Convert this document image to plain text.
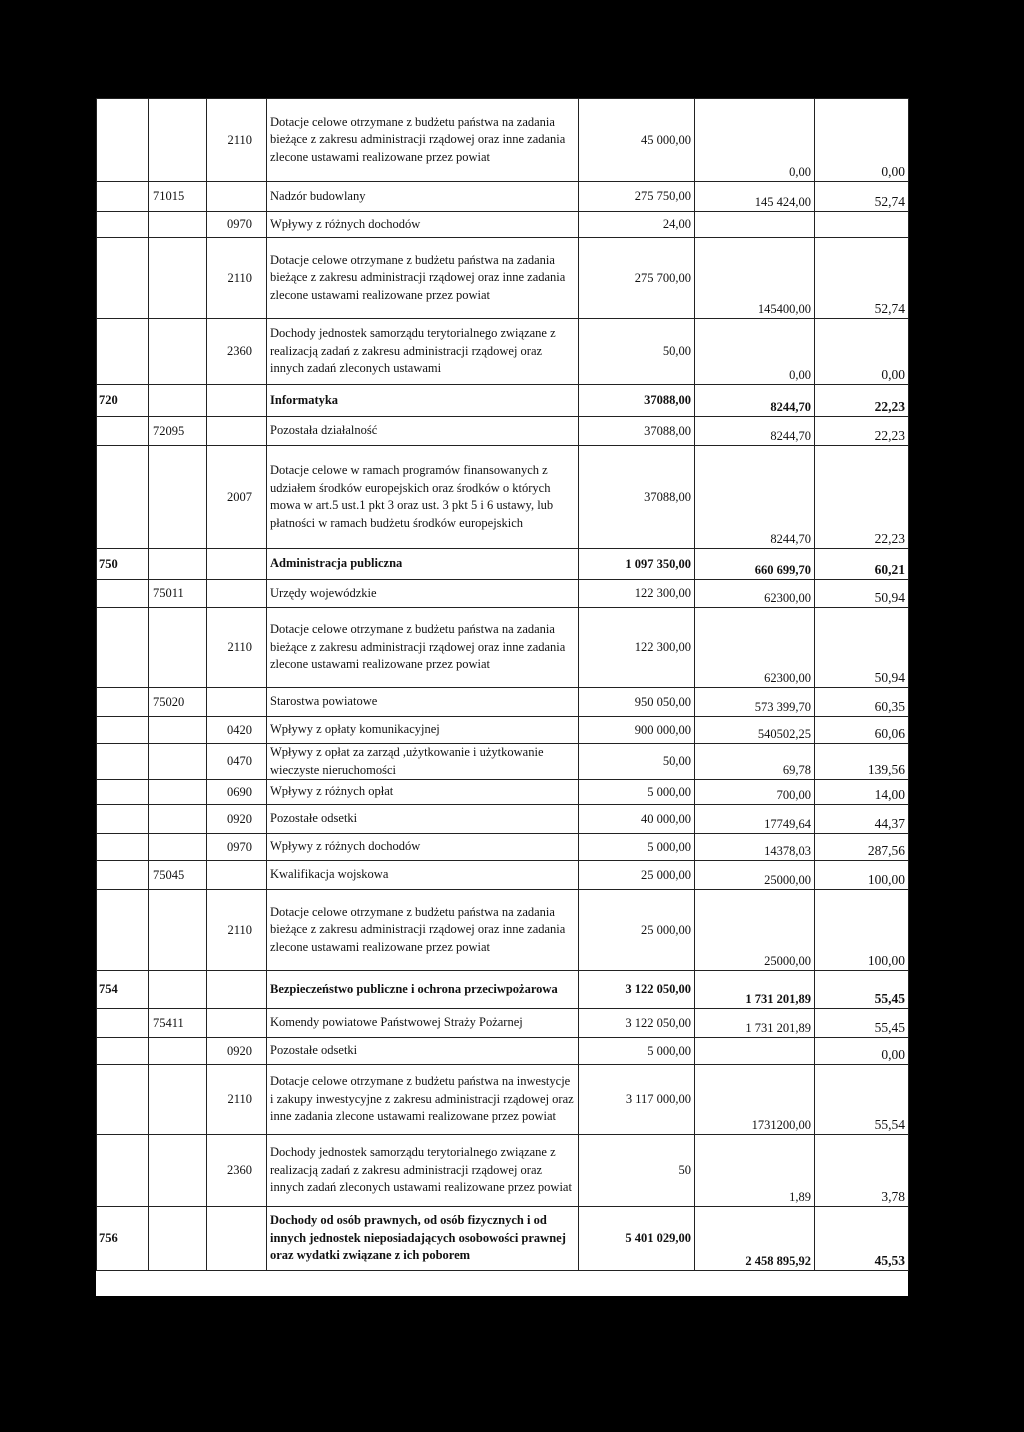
		2110	Dotacje celowe otrzymane z budżetu państwa na zadania bieżące z zakresu administracji rządowej oraz inne zadania zlecone ustawami realizowane przez powiat	45 000,00	0,00	0,00
	71015		Nadzór budowlany	275 750,00	145 424,00	52,74
		0970	Wpływy z różnych dochodów	24,00		
		2110	Dotacje celowe otrzymane z budżetu państwa na zadania bieżące z zakresu administracji rządowej oraz inne zadania zlecone ustawami realizowane przez powiat	275 700,00	145400,00	52,74
		2360	Dochody jednostek samorządu terytorialnego związane z realizacją zadań z zakresu administracji rządowej oraz innych zadań zleconych ustawami	50,00	0,00	0,00
720			Informatyka	37088,00	8244,70	22,23
	72095		Pozostała działalność	37088,00	8244,70	22,23
		2007	Dotacje celowe w ramach programów finansowanych z udziałem środków europejskich oraz środków o których mowa w art.5 ust.1 pkt 3 oraz ust. 3 pkt 5 i 6 ustawy, lub płatności w ramach budżetu środków europejskich	37088,00	8244,70	22,23
750			Administracja publiczna	1 097 350,00	660 699,70	60,21
	75011		Urzędy wojewódzkie	122 300,00	62300,00	50,94
		2110	Dotacje celowe otrzymane z budżetu państwa na zadania bieżące z zakresu administracji rządowej oraz inne zadania zlecone ustawami realizowane przez powiat	122 300,00	62300,00	50,94
	75020		Starostwa powiatowe	950 050,00	573 399,70	60,35
		0420	Wpływy z opłaty komunikacyjnej	900 000,00	540502,25	60,06
		0470	Wpływy z opłat za zarząd ,użytkowanie i użytkowanie wieczyste nieruchomości	50,00	69,78	139,56
		0690	Wpływy z różnych opłat	5 000,00	700,00	14,00
		0920	Pozostałe odsetki	40 000,00	17749,64	44,37
		0970	Wpływy z różnych dochodów	5 000,00	14378,03	287,56
	75045		Kwalifikacja wojskowa	25 000,00	25000,00	100,00
		2110	Dotacje celowe otrzymane z budżetu państwa na zadania bieżące z zakresu administracji rządowej oraz inne zadania zlecone ustawami realizowane przez powiat	25 000,00	25000,00	100,00
754			Bezpieczeństwo publiczne i ochrona przeciwpożarowa	3 122 050,00	1 731 201,89	55,45
	75411		Komendy powiatowe Państwowej Straży Pożarnej	3 122 050,00	1 731 201,89	55,45
		0920	Pozostałe odsetki	5 000,00		0,00
		2110	Dotacje celowe otrzymane z budżetu państwa na inwestycje i zakupy inwestycyjne z zakresu administracji rządowej oraz inne zadania zlecone ustawami realizowane przez powiat	3 117 000,00	1731200,00	55,54
		2360	Dochody jednostek samorządu terytorialnego związane z realizacją zadań z zakresu administracji rządowej oraz innych zadań zleconych ustawami realizowane przez powiat	50	1,89	3,78
756			Dochody od osób prawnych, od osób fizycznych i od innych jednostek nieposiadających osobowości prawnej oraz wydatki związane z ich poborem	5 401 029,00	2 458 895,92	45,53
